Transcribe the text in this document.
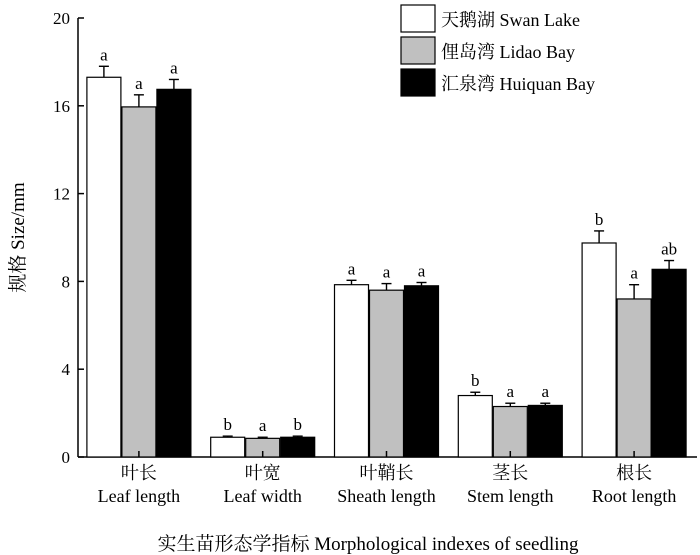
0
4
8
12
16
20
a
a
a
b a b
a a a
b
a a
b
a
ab
叶长
Leaf length
叶宽
Leaf width
叶鞘长
Sheath length
茎长
Stem length
根长
Root length
规格 Size/mm
实生苗形态学指标 Morphological indexes of seedling
天鹅湖 Swan Lake
俚岛湾 Lidao Bay
汇泉湾 Huiquan Bay
